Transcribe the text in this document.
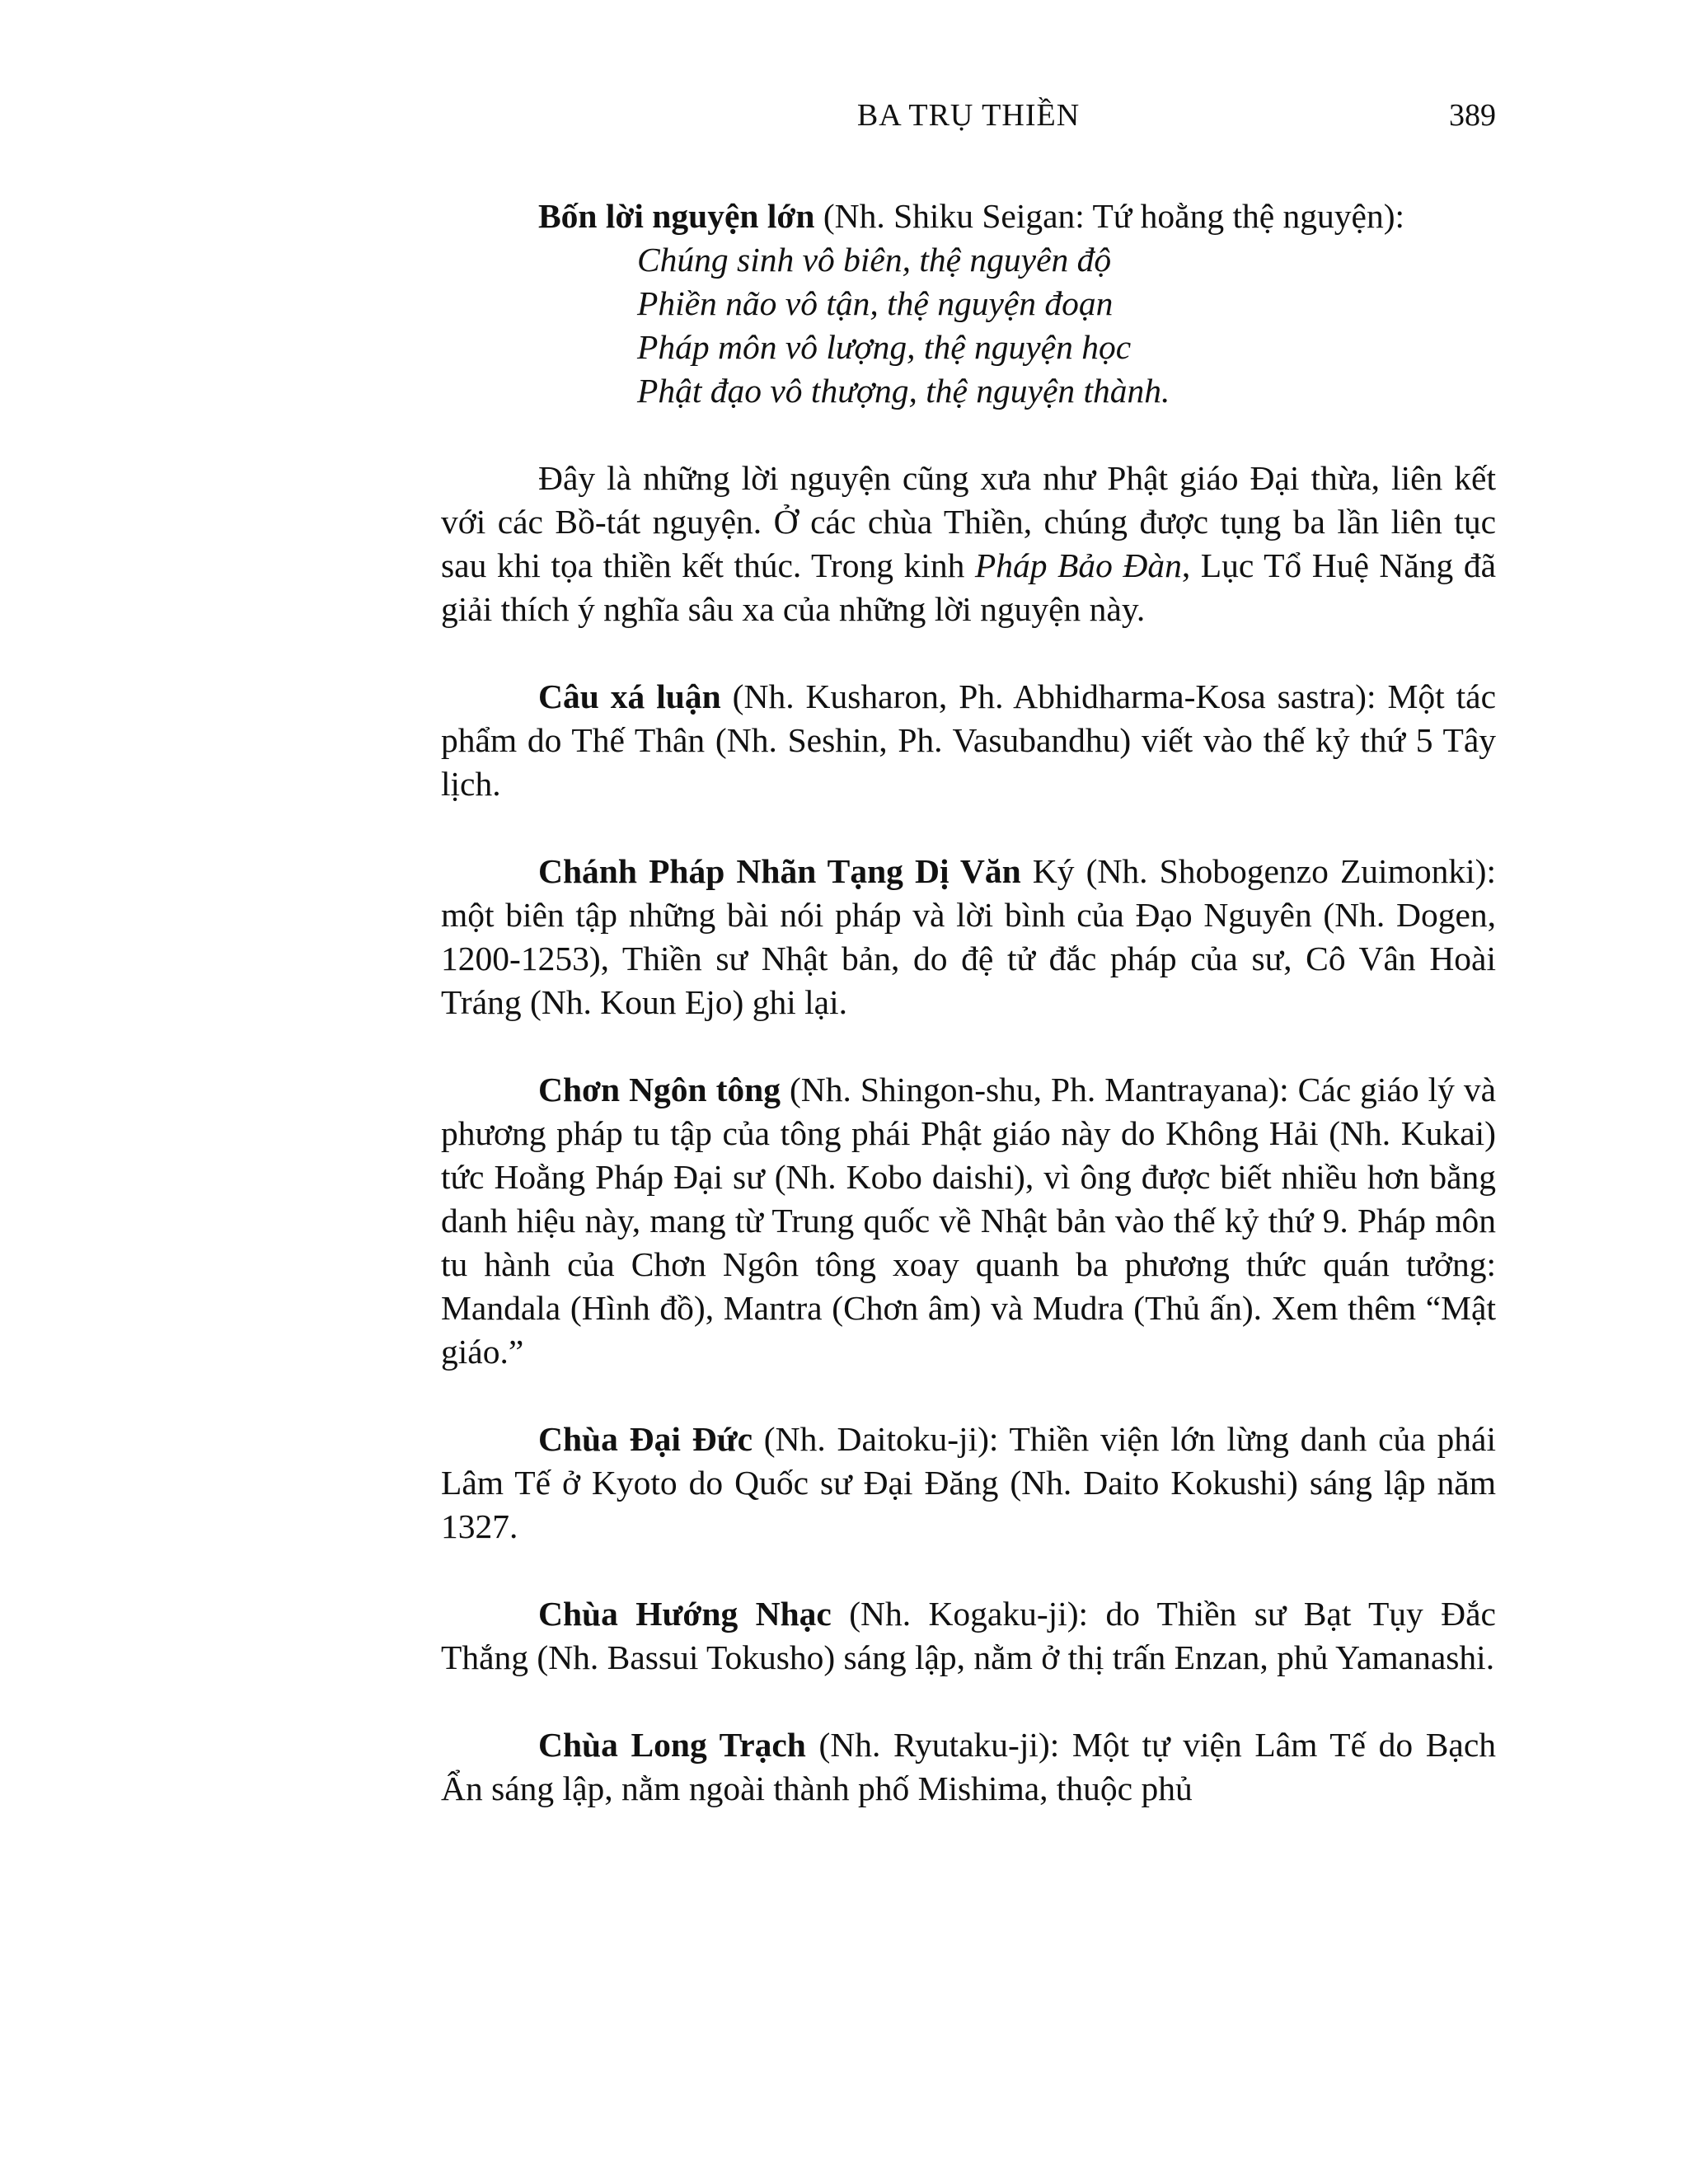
BA TRỤ THIỀN	389

Bốn lời nguyện lớn (Nh. Shiku Seigan: Tứ hoằng thệ nguyện):

Chúng sinh vô biên, thệ nguyên độ
Phiền não vô tận, thệ nguyện đoạn
Pháp môn vô lượng, thệ nguyện học
Phật đạo vô thượng, thệ nguyện thành.

Đây là những lời nguyện cũng xưa như Phật giáo Đại thừa, liên kết với các Bồ-tát nguyện. Ở các chùa Thiền, chúng được tụng ba lần liên tục sau khi tọa thiền kết thúc. Trong kinh Pháp Bảo Đàn, Lục Tổ Huệ Năng đã giải thích ý nghĩa sâu xa của những lời nguyện này.

Câu xá luận (Nh. Kusharon, Ph. Abhidharma-Kosa sastra): Một tác phẩm do Thế Thân (Nh. Seshin, Ph. Vasubandhu) viết vào thế kỷ thứ 5 Tây lịch.

Chánh Pháp Nhãn Tạng Dị Văn Ký (Nh. Shobogenzo Zuimonki): một biên tập những bài nói pháp và lời bình của Đạo Nguyên (Nh. Dogen, 1200-1253), Thiền sư Nhật bản, do đệ tử đắc pháp của sư, Cô Vân Hoài Tráng (Nh. Koun Ejo) ghi lại.

Chơn Ngôn tông (Nh. Shingon-shu, Ph. Mantrayana): Các giáo lý và phương pháp tu tập của tông phái Phật giáo này do Không Hải (Nh. Kukai) tức Hoằng Pháp Đại sư (Nh. Kobo daishi), vì ông được biết nhiều hơn bằng danh hiệu này, mang từ Trung quốc về Nhật bản vào thế kỷ thứ 9. Pháp môn tu hành của Chơn Ngôn tông xoay quanh ba phương thức quán tưởng: Mandala (Hình đồ), Mantra (Chơn âm) và Mudra (Thủ ấn). Xem thêm “Mật giáo.”

Chùa Đại Đức (Nh. Daitoku-ji): Thiền viện lớn lừng danh của phái Lâm Tế ở Kyoto do Quốc sư Đại Đăng (Nh. Daito Kokushi) sáng lập năm 1327.

Chùa Hướng Nhạc (Nh. Kogaku-ji): do Thiền sư Bạt Tụy Đắc Thắng (Nh. Bassui Tokusho) sáng lập, nằm ở thị trấn Enzan, phủ Yamanashi.

Chùa Long Trạch (Nh. Ryutaku-ji): Một tự viện Lâm Tế do Bạch Ẩn sáng lập, nằm ngoài thành phố Mishima, thuộc phủ
